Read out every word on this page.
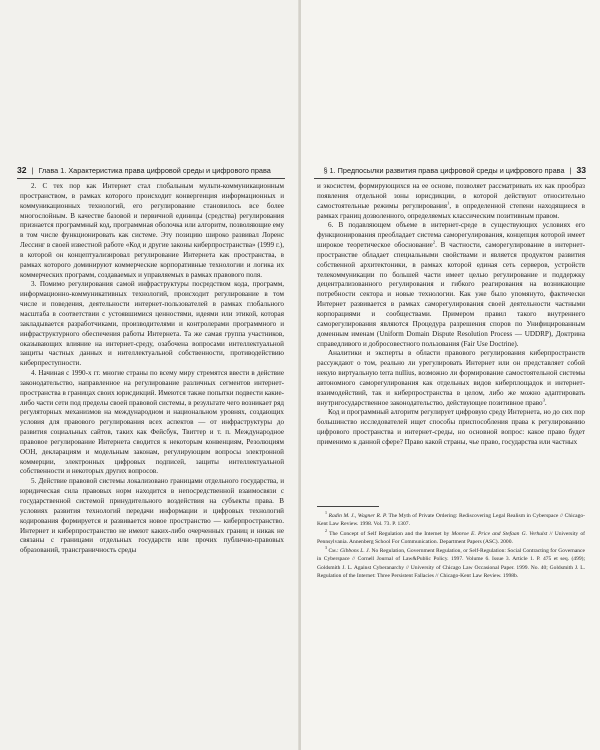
32 | Глава 1. Характеристика права цифровой среды и цифрового права

2. С тех пор как Интернет стал глобальным мульти-коммуникационным пространством, в рамках которого происходит конвергенция информационных и коммуникационных технологий, его регулирование становилось все более многослойным. В качестве базовой и первичной единицы (средства) регулирования признается программный код, программная оболочка или алгоритм, позволяющие ему в том числе функционировать как системе. Эту позицию широко развивал Лоренс Лессинг в своей известной работе «Код и другие законы киберпространства» (1999 г.), в которой он концептуализировал регулирование Интернета как пространства, в рамках которого доминируют коммерческие корпоративные технологии и логика их коммерческих программ, создаваемых и управляемых в рамках правового поля.

3. Помимо регулирования самой инфраструктуры посредством кода, программ, информационно-коммуникативных технологий, происходит регулирование в том числе и поведения, деятельности интернет-пользователей в рамках глобального масштаба в соответствии с устоявшимися ценностями, идеями или этикой, которая закладывается разработчиками, производителями и контролерами программного и инфраструктурного обеспечения работы Интернета. Та же самая группа участников, оказывающих влияние на интернет-среду, озабочена вопросами интеллектуальной защиты частных данных и интеллектуальной собственности, противодействию киберпреступности.

4. Начиная с 1990-х гг. многие страны по всему миру стремятся ввести в действие законодательство, направленное на регулирование различных сегментов интернет-пространства в границах своих юрисдикций. Имеются также попытки подвести какие-либо части сети под пределы своей правовой системы, в результате чего возникает ряд регуляторных механизмов на международном и национальном уровнях, создающих условия для правового регулирования всех аспектов — от инфраструктуры до развития социальных сайтов, таких как Фейсбук, Твиттер и т. п. Международное правовое регулирование Интернета сводится к некоторым конвенциям, Резолюциям ООН, декларациям и модельным законам, регулирующим вопросы электронной коммерции, электронных цифровых подписей, защиты интеллектуальной собственности и некоторых других вопросов.

5. Действие правовой системы локализовано границами отдельного государства, и юридическая сила правовых норм находится в непосредственной взаимосвязи с государственной системой принудительного воздействия на субъекты права. В условиях развития технологий передачи информации и цифровых технологий кодирования формируется и развивается новое пространство — киберпространство. Интернет и киберпространство не имеют каких-либо очерченных границ и никак не связаны с границами отдельных государств или прочих публично-правовых образований, трансграничность среды

§ 1. Предпосылки развития права цифровой среды и цифрового права | 33

и экосистем, формирующихся на ее основе, позволяет рассматривать их как прообраз появления отдельной зоны юрисдикции, в которой действуют относительно самостоятельные режимы регулирования$^1$, в определенной степени находящиеся в рамках границ дозволенного, определяемых классическим позитивным правом.

6. В подавляющем объеме в интернет-среде в существующих условиях его функционирования преобладает система саморегулирования, концепция которой имеет широкое теоретическое обоснование$^2$. В частности, саморегулирование в интернет-пространстве обладает специальными свойствами и является продуктом развития собственной архитектоники, в рамках которой единая сеть серверов, устройств телекоммуникации по большей части имеет целью регулирование и поддержку децентрализованного регулирования и гибкого реагирования на возникающие потребности сектора и новые технологии. Как уже было упомянуто, фактически Интернет развивается в рамках саморегулирования своей деятельности частными корпорациями и сообществами. Примером правил такого внутреннего саморегулирования являются Процедура разрешения споров по Унифицированным доменным именам (Uniform Domain Dispute Resolution Process — UDDRP), Доктрина справедливого и добросовестного пользования (Fair Use Doctrine).

Аналитики и эксперты в области правового регулирования киберпространств рассуждают о том, реально ли урегулировать Интернет или он представляет собой некую виртуальную terra nullius, возможно ли формирование самостоятельной системы автономного саморегулирования как отдельных видов киберплощадок и интернет-взаимодействий, так и киберпространства в целом, либо же можно адаптировать внутригосударственное законодательство, действующее позитивное право$^3$.

Код и программный алгоритм регулирует цифровую среду Интернета, но до сих пор большинство исследователей ищет способы приспособления права к регулированию цифрового пространства и интернет-среды, но основной вопрос: какое право будет применимо к данной сфере? Право какой страны, чье право, государства или частных

$^1$ Radin M. J., Wagner R. P. The Myth of Private Ordering: Rediscovering Legal Realism in Cyberspace // Chicago-Kent Law Review. 1998. Vol. 73. P. 1307.

$^2$ The Concept of Self Regulation and the Internet by Monroe E. Price and Stefaan G. Verhulst // University of Pennsylvania. Annenberg School For Communication. Department Papers (ASC). 2000.

$^3$ См.: Gibbons L. J. No Regulation, Government Regulation, or Self-Regulation: Social Contracting for Governance in Cyberspace // Cornell Journal of Law&Public Policy. 1997. Volume 6. Issue 3. Article 1. P. 475 et seq. (499); Goldsmith J. L. Against Cyberanarchy // University of Chicago Law Occasional Paper. 1999. No. 40; Goldsmith J. L. Regulation of the Internet: Three Persistent Fallacies // Chicago-Kent Law Review. 1998b.
